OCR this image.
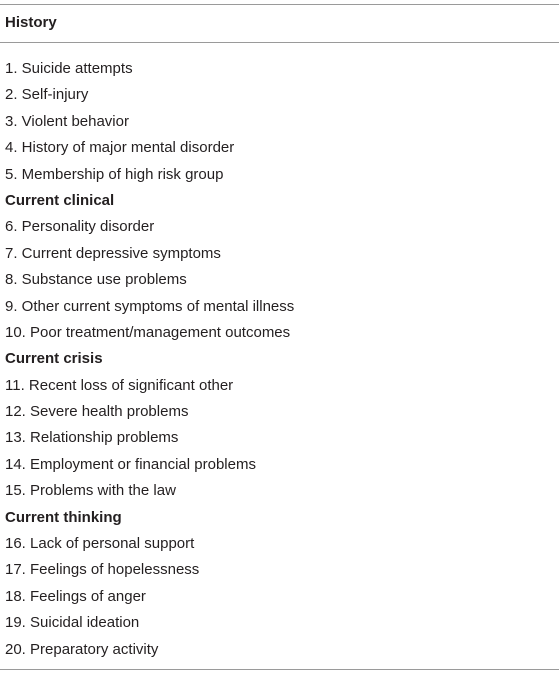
History
1. Suicide attempts
2. Self-injury
3. Violent behavior
4. History of major mental disorder
5. Membership of high risk group
Current clinical
6. Personality disorder
7. Current depressive symptoms
8. Substance use problems
9. Other current symptoms of mental illness
10. Poor treatment/management outcomes
Current crisis
11. Recent loss of significant other
12. Severe health problems
13. Relationship problems
14. Employment or financial problems
15. Problems with the law
Current thinking
16. Lack of personal support
17. Feelings of hopelessness
18. Feelings of anger
19. Suicidal ideation
20. Preparatory activity
